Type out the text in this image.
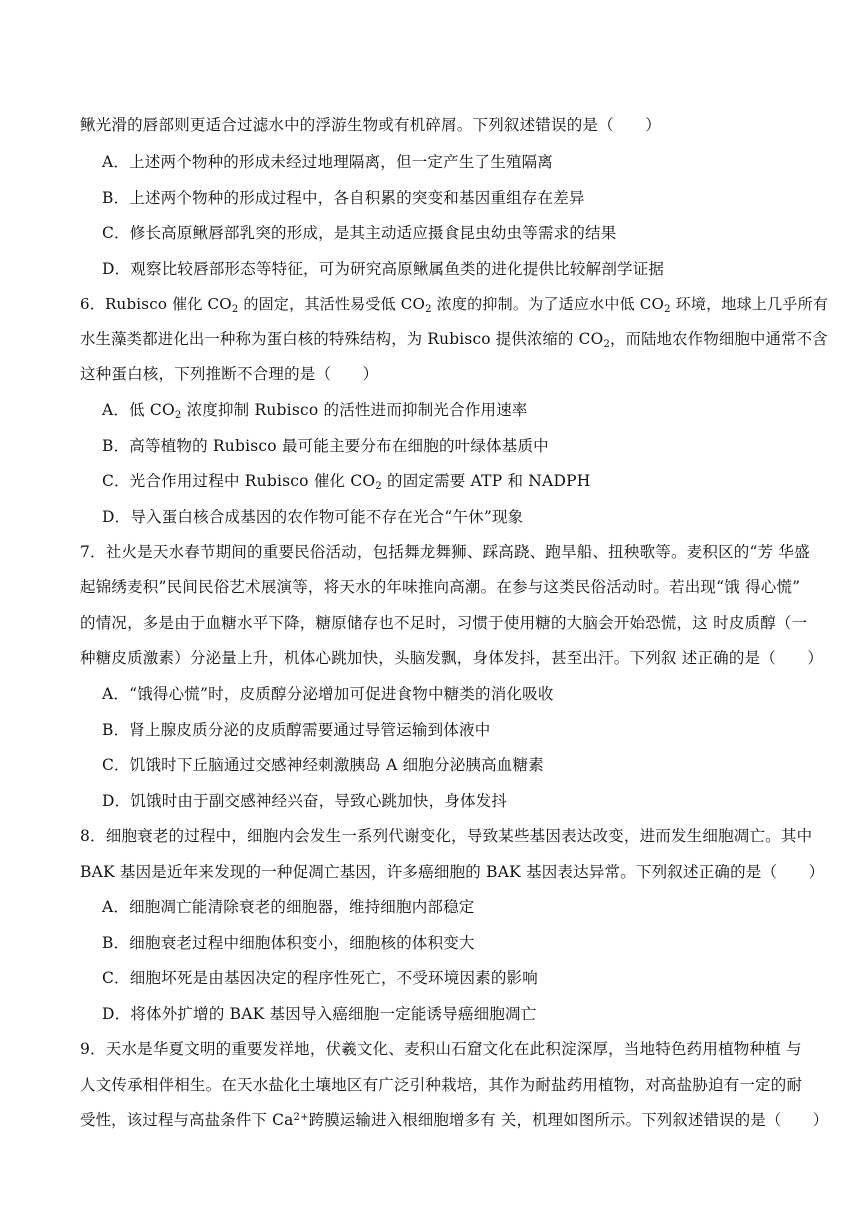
鳅光滑的唇部则更适合过滤水中的浮游生物或有机碎屑。下列叙述错误的是（　　）
A．上述两个物种的形成未经过地理隔离，但一定产生了生殖隔离
B．上述两个物种的形成过程中，各自积累的突变和基因重组存在差异
C．修长高原鳅唇部乳突的形成，是其主动适应摄食昆虫幼虫等需求的结果
D．观察比较唇部形态等特征，可为研究高原鳅属鱼类的进化提供比较解剖学证据
6．Rubisco 催化 $CO_2$ 的固定，其活性易受低 $CO_2$ 浓度的抑制。为了适应水中低 $CO_2$ 环境，地球上几乎所有
水生藻类都进化出一种称为蛋白核的特殊结构，为 Rubisco 提供浓缩的 $CO_2$，而陆地农作物细胞中通常不含
这种蛋白核，下列推断不合理的是（　　）
A．低 $CO_2$ 浓度抑制 Rubisco 的活性进而抑制光合作用速率
B．高等植物的 Rubisco 最可能主要分布在细胞的叶绿体基质中
C．光合作用过程中 Rubisco 催化 $CO_2$ 的固定需要 ATP 和 NADPH
D．导入蛋白核合成基因的农作物可能不存在光合“午休”现象
7．社火是天水春节期间的重要民俗活动，包括舞龙舞狮、踩高跷、跑旱船、扭秧歌等。麦积区的“芳 华盛
起锦绣麦积”民间民俗艺术展演等，将天水的年味推向高潮。在参与这类民俗活动时。若出现“饿 得心慌”
的情况，多是由于血糖水平下降，糖原储存也不足时，习惯于使用糖的大脑会开始恐慌，这 时皮质醇（一
种糖皮质激素）分泌量上升，机体心跳加快，头脑发飘，身体发抖，甚至出汗。下列叙 述正确的是（　　）
A．“饿得心慌”时，皮质醇分泌增加可促进食物中糖类的消化吸收
B．肾上腺皮质分泌的皮质醇需要通过导管运输到体液中
C．饥饿时下丘脑通过交感神经刺激胰岛 A 细胞分泌胰高血糖素
D．饥饿时由于副交感神经兴奋，导致心跳加快，身体发抖
8．细胞衰老的过程中，细胞内会发生一系列代谢变化，导致某些基因表达改变，进而发生细胞凋亡。其中
BAK 基因是近年来发现的一种促凋亡基因，许多癌细胞的 BAK 基因表达异常。下列叙述正确的是（　　）
A．细胞凋亡能清除衰老的细胞器，维持细胞内部稳定
B．细胞衰老过程中细胞体积变小，细胞核的体积变大
C．细胞坏死是由基因决定的程序性死亡，不受环境因素的影响
D．将体外扩增的 BAK 基因导入癌细胞一定能诱导癌细胞凋亡
9．天水是华夏文明的重要发祥地，伏羲文化、麦积山石窟文化在此积淀深厚，当地特色药用植物种植 与
人文传承相伴相生。在天水盐化土壤地区有广泛引种栽培，其作为耐盐药用植物，对高盐胁迫有一定的耐
受性，该过程与高盐条件下 $Ca^{2+}$跨膜运输进入根细胞增多有 关，机理如图所示。下列叙述错误的是（　　）
